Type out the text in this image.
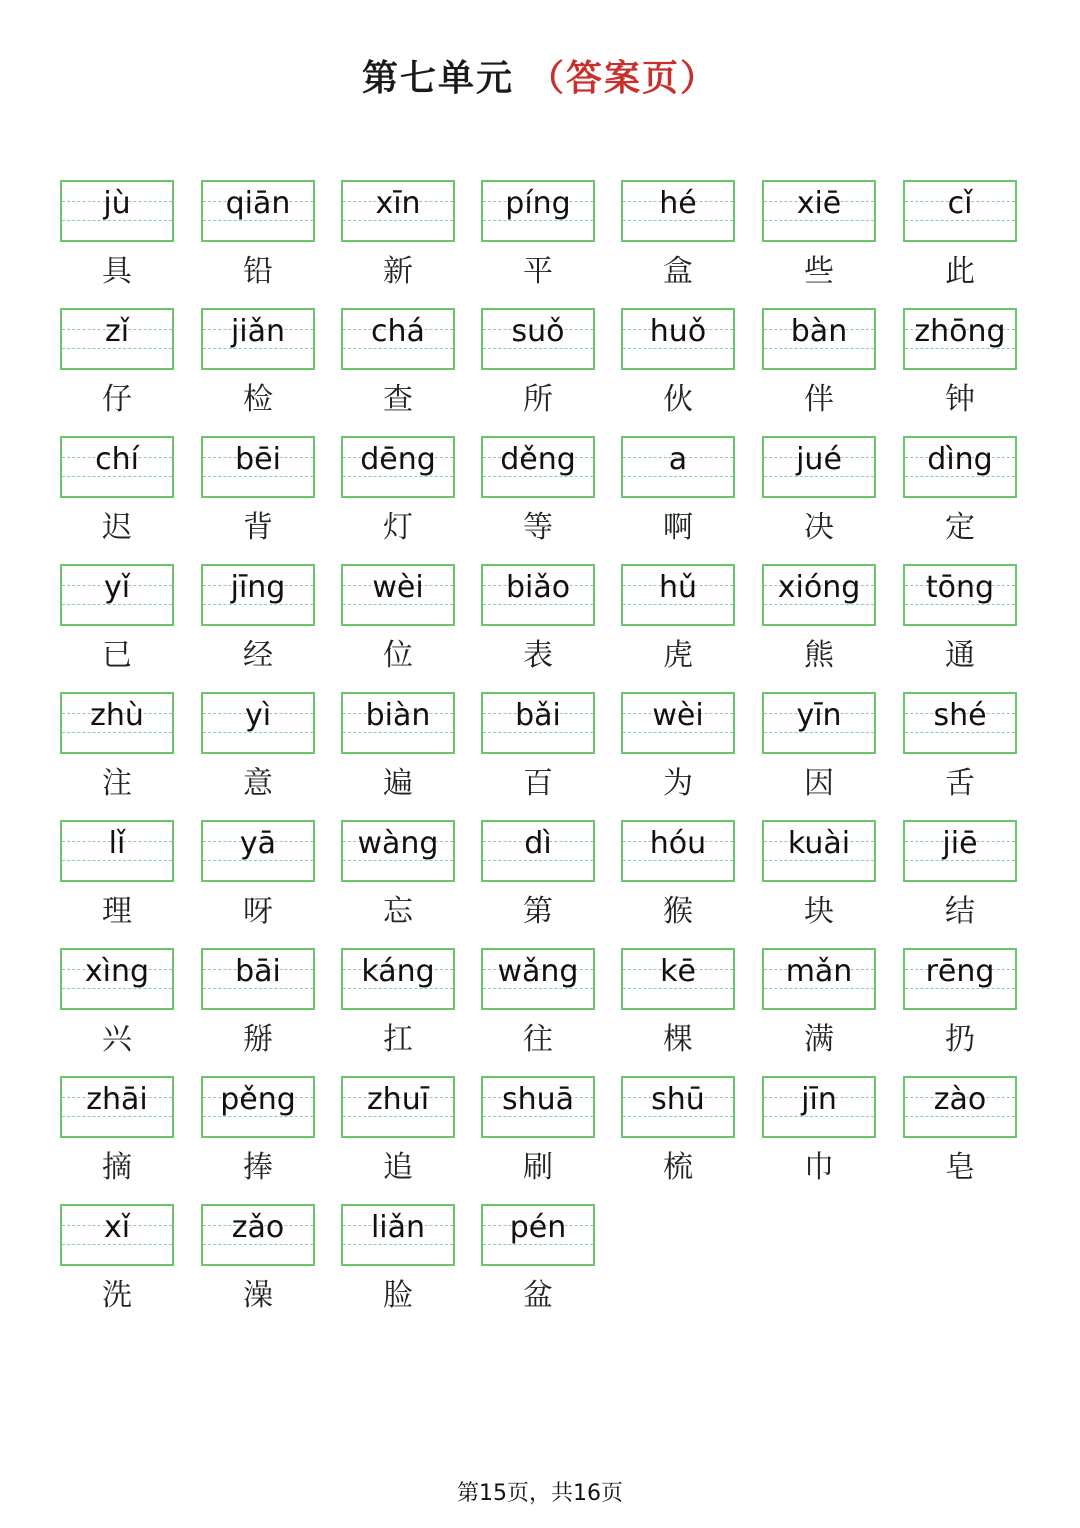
第七单元 （答案页）
jù
具
qiān
铅
xīn
新
píng
平
hé
盒
xiē
些
cǐ
此
zǐ
仔
jiǎn
检
chá
查
suǒ
所
huǒ
伙
bàn
伴
zhōng
钟
chí
迟
bēi
背
dēng
灯
děng
等
a
啊
jué
决
dìng
定
yǐ
已
jīng
经
wèi
位
biǎo
表
hǔ
虎
xióng
熊
tōng
通
zhù
注
yì
意
biàn
遍
bǎi
百
wèi
为
yīn
因
shé
舌
lǐ
理
yā
呀
wàng
忘
dì
第
hóu
猴
kuài
块
jiē
结
xìng
兴
bāi
掰
káng
扛
wǎng
往
kē
棵
mǎn
满
rēng
扔
zhāi
摘
pěng
捧
zhuī
追
shuā
刷
shū
梳
jīn
巾
zào
皂
xǐ
洗
zǎo
澡
liǎn
脸
pén
盆
第15页，共16页
